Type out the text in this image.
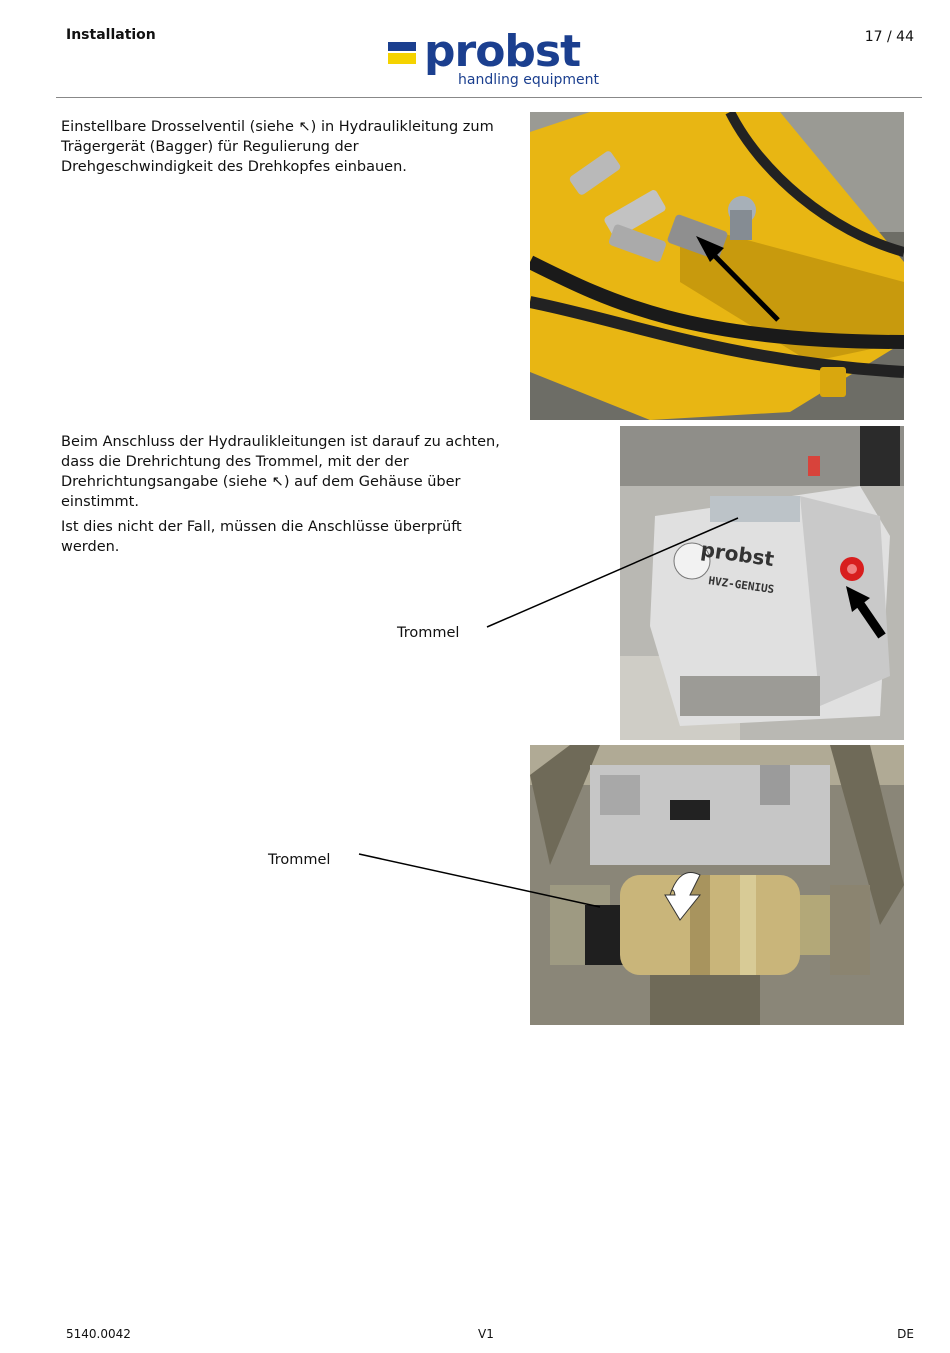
Installation	probst
handling equipment
17 / 44

Einstellbare Drosselventil (siehe ↖) in Hydraulikleitung zum Trägergerät (Bagger) für Regulierung der Drehgeschwindigkeit des Drehkopfes einbauen.

Beim Anschluss der Hydraulikleitungen ist darauf zu achten, dass die Drehrichtung des Trommel, mit der der Drehrichtungsangabe (siehe ↖) auf dem Gehäuse über einstimmt.

Ist dies nicht der Fall, müssen die Anschlüsse überprüft werden.

Trommel
probst
HVZ-GENIUS
Trommel
5140.0042	V1	DE
